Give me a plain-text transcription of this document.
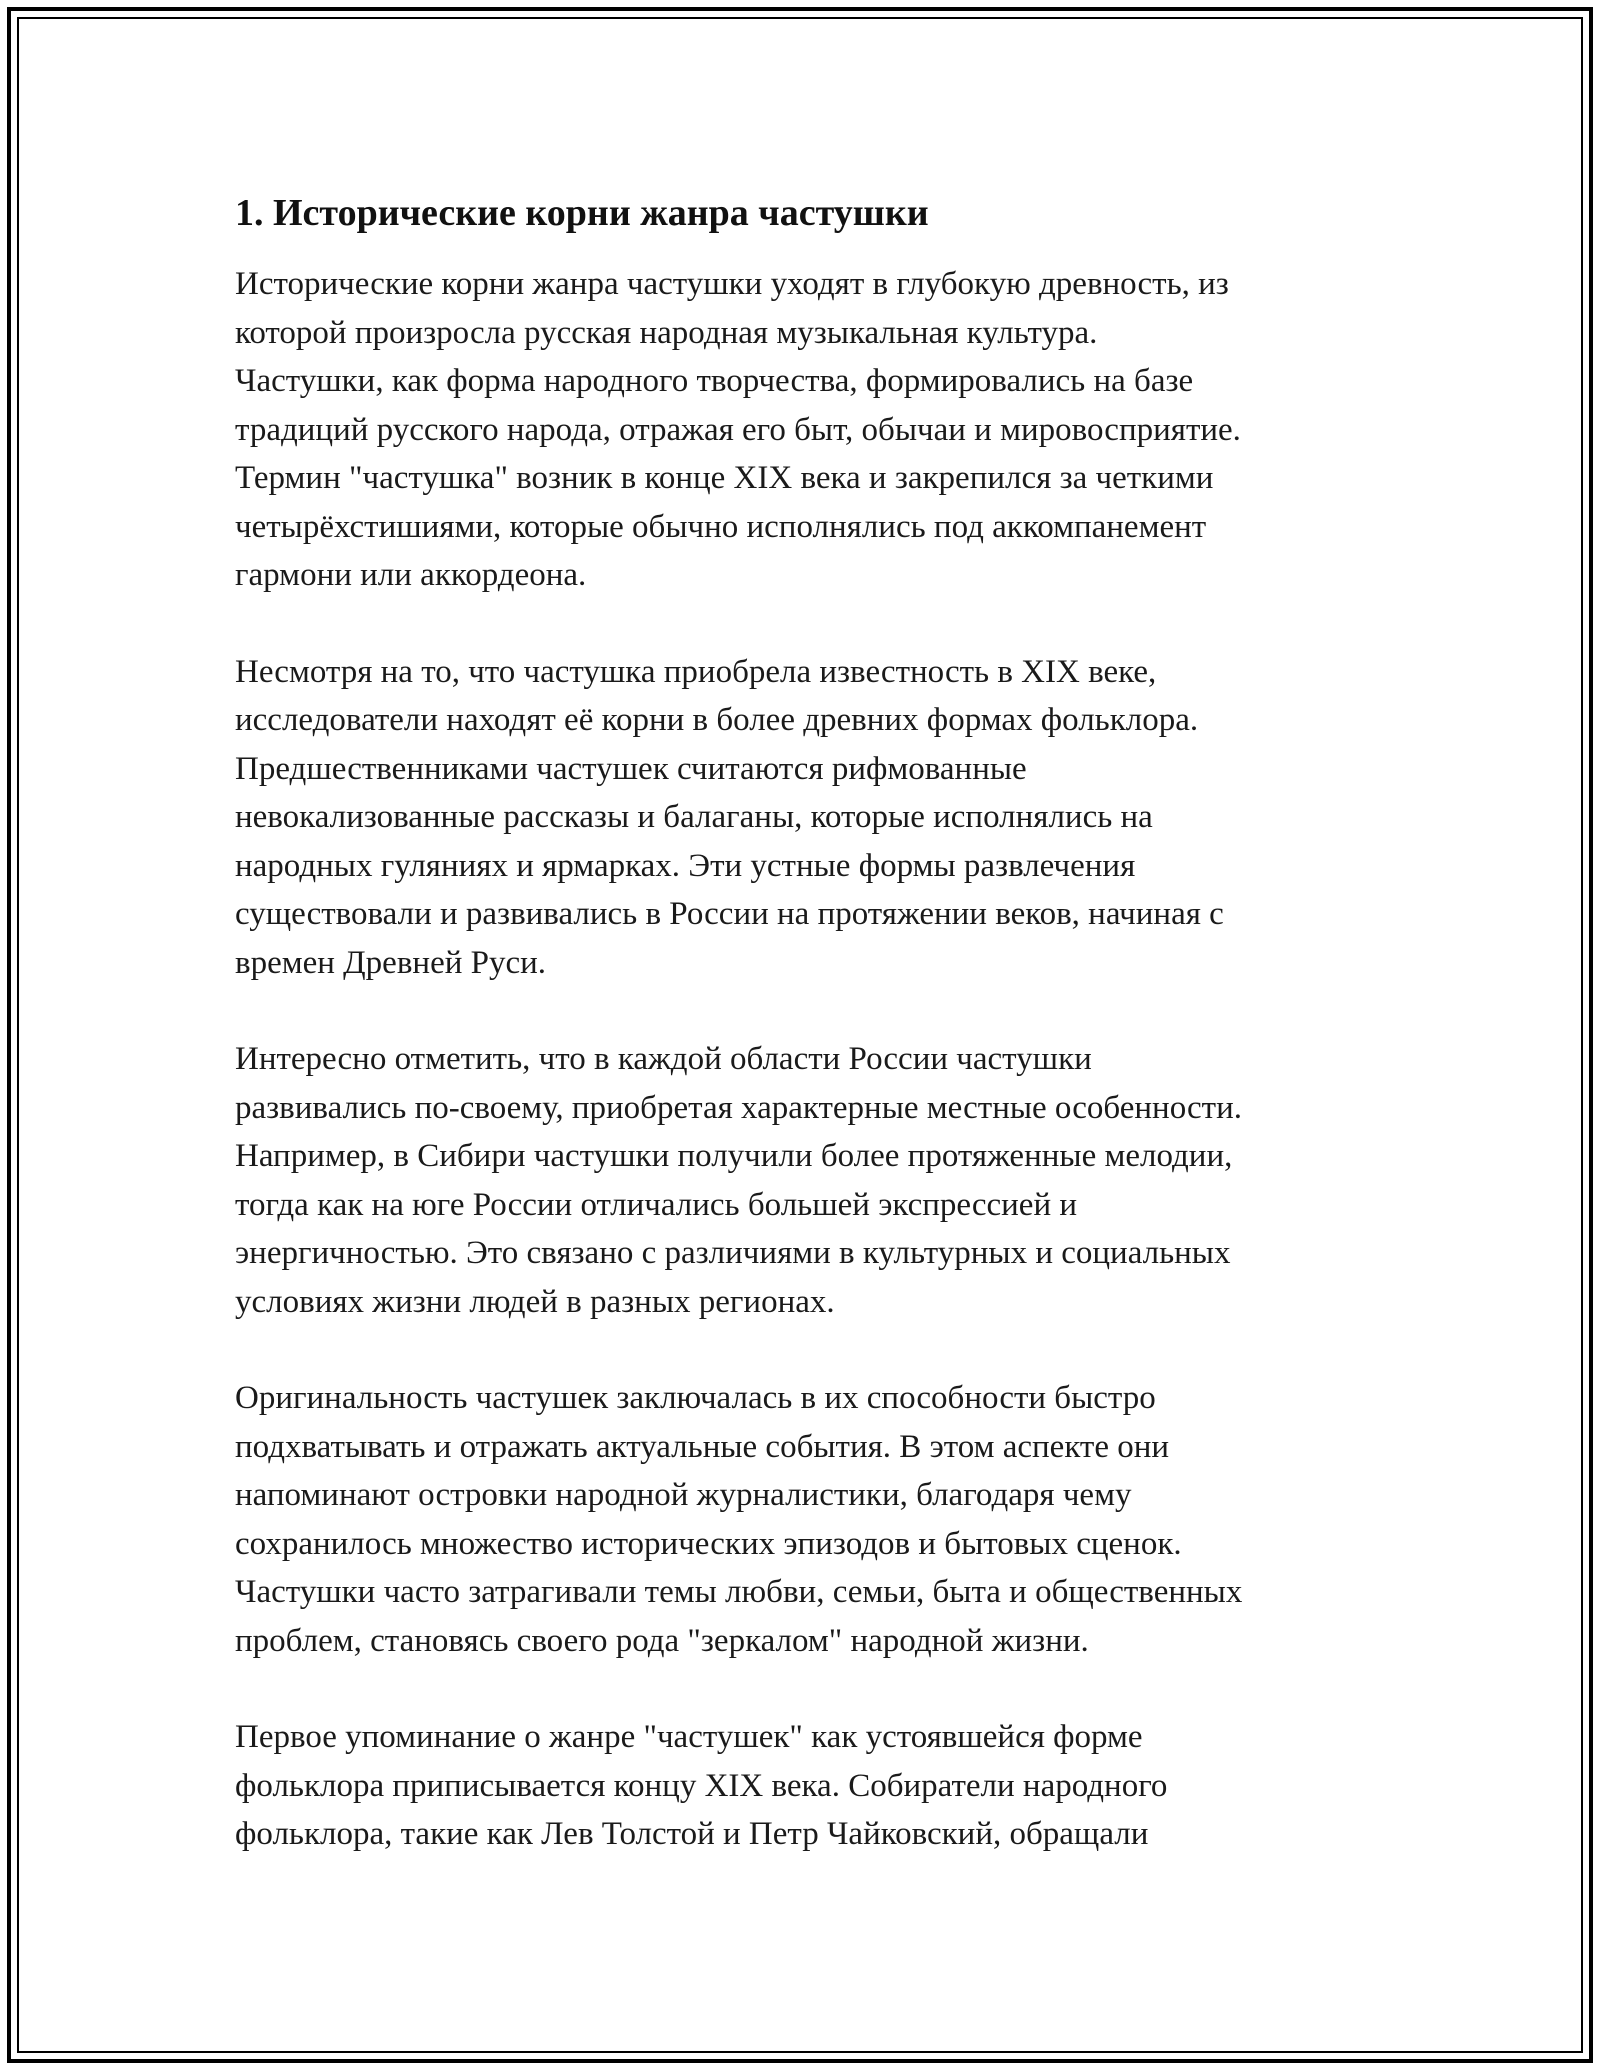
1. Исторические корни жанра частушки

Исторические корни жанра частушки уходят в глубокую древность, из
которой произросла русская народная музыкальная культура.
Частушки, как форма народного творчества, формировались на базе
традиций русского народа, отражая его быт, обычаи и мировосприятие.
Термин "частушка" возник в конце XIX века и закрепился за четкими
четырёхстишиями, которые обычно исполнялись под аккомпанемент
гармони или аккордеона.

Несмотря на то, что частушка приобрела известность в XIX веке,
исследователи находят её корни в более древних формах фольклора.
Предшественниками частушек считаются рифмованные
невокализованные рассказы и балаганы, которые исполнялись на
народных гуляниях и ярмарках. Эти устные формы развлечения
существовали и развивались в России на протяжении веков, начиная с
времен Древней Руси.

Интересно отметить, что в каждой области России частушки
развивались по-своему, приобретая характерные местные особенности.
Например, в Сибири частушки получили более протяженные мелодии,
тогда как на юге России отличались большей экспрессией и
энергичностью. Это связано с различиями в культурных и социальных
условиях жизни людей в разных регионах.

Оригинальность частушек заключалась в их способности быстро
подхватывать и отражать актуальные события. В этом аспекте они
напоминают островки народной журналистики, благодаря чему
сохранилось множество исторических эпизодов и бытовых сценок.
Частушки часто затрагивали темы любви, семьи, быта и общественных
проблем, становясь своего рода "зеркалом" народной жизни.

Первое упоминание о жанре "частушек" как устоявшейся форме
фольклора приписывается концу XIX века. Собиратели народного
фольклора, такие как Лев Толстой и Петр Чайковский, обращали
